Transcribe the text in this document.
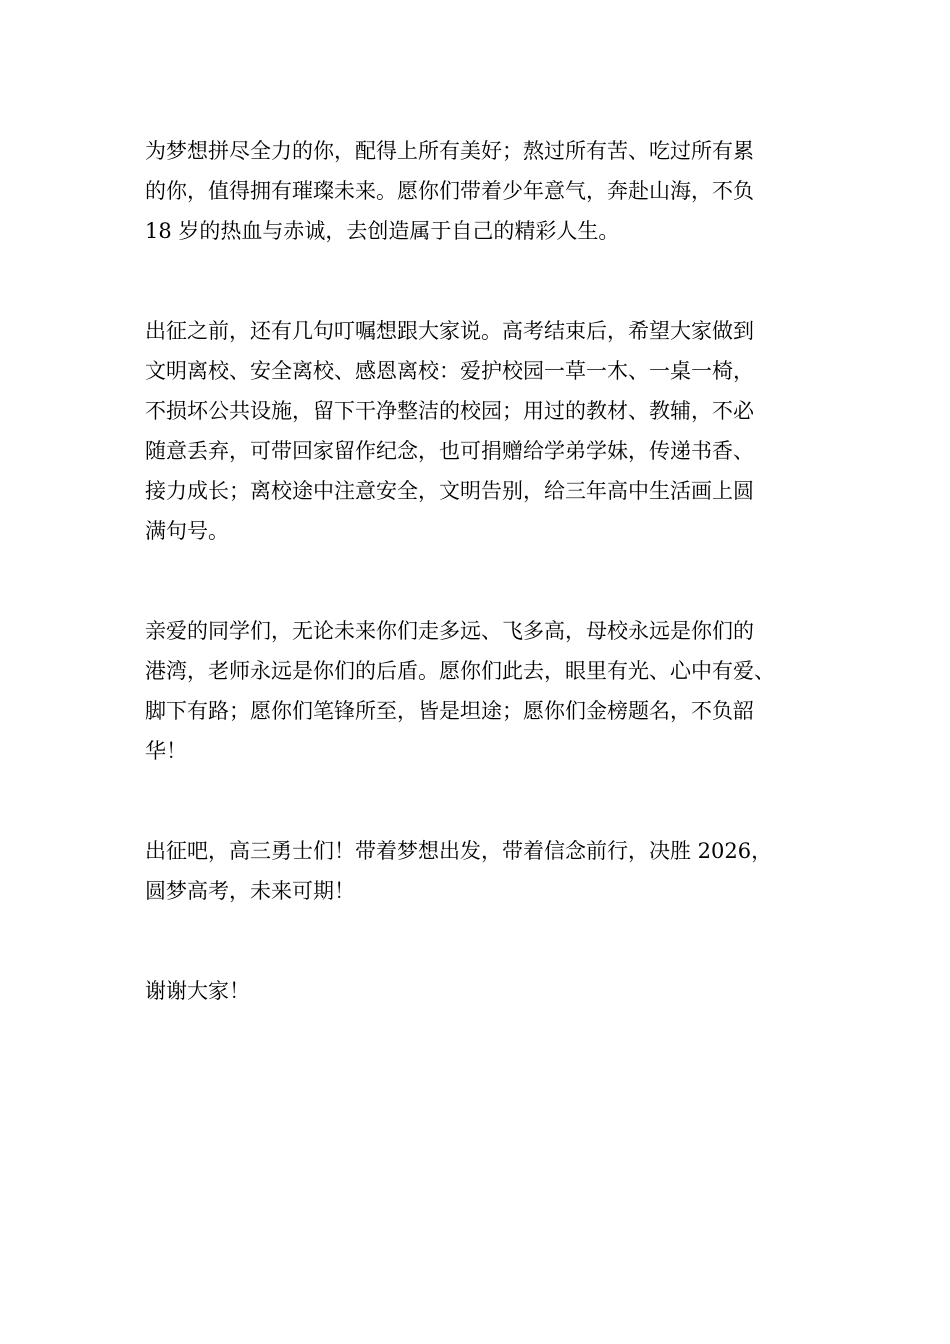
为梦想拼尽全力的你，配得上所有美好；熬过所有苦、吃过所有累
的你，值得拥有璀璨未来。愿你们带着少年意气，奔赴山海，不负
18 岁的热血与赤诚，去创造属于自己的精彩人生。
出征之前，还有几句叮嘱想跟大家说。高考结束后，希望大家做到
文明离校、安全离校、感恩离校：爱护校园一草一木、一桌一椅，
不损坏公共设施，留下干净整洁的校园；用过的教材、教辅，不必
随意丢弃，可带回家留作纪念，也可捐赠给学弟学妹，传递书香、
接力成长；离校途中注意安全，文明告别，给三年高中生活画上圆
满句号。
亲爱的同学们，无论未来你们走多远、飞多高，母校永远是你们的
港湾，老师永远是你们的后盾。愿你们此去，眼里有光、心中有爱、
脚下有路；愿你们笔锋所至，皆是坦途；愿你们金榜题名，不负韶
华！
出征吧，高三勇士们！带着梦想出发，带着信念前行，决胜 2026，
圆梦高考，未来可期！
谢谢大家！
